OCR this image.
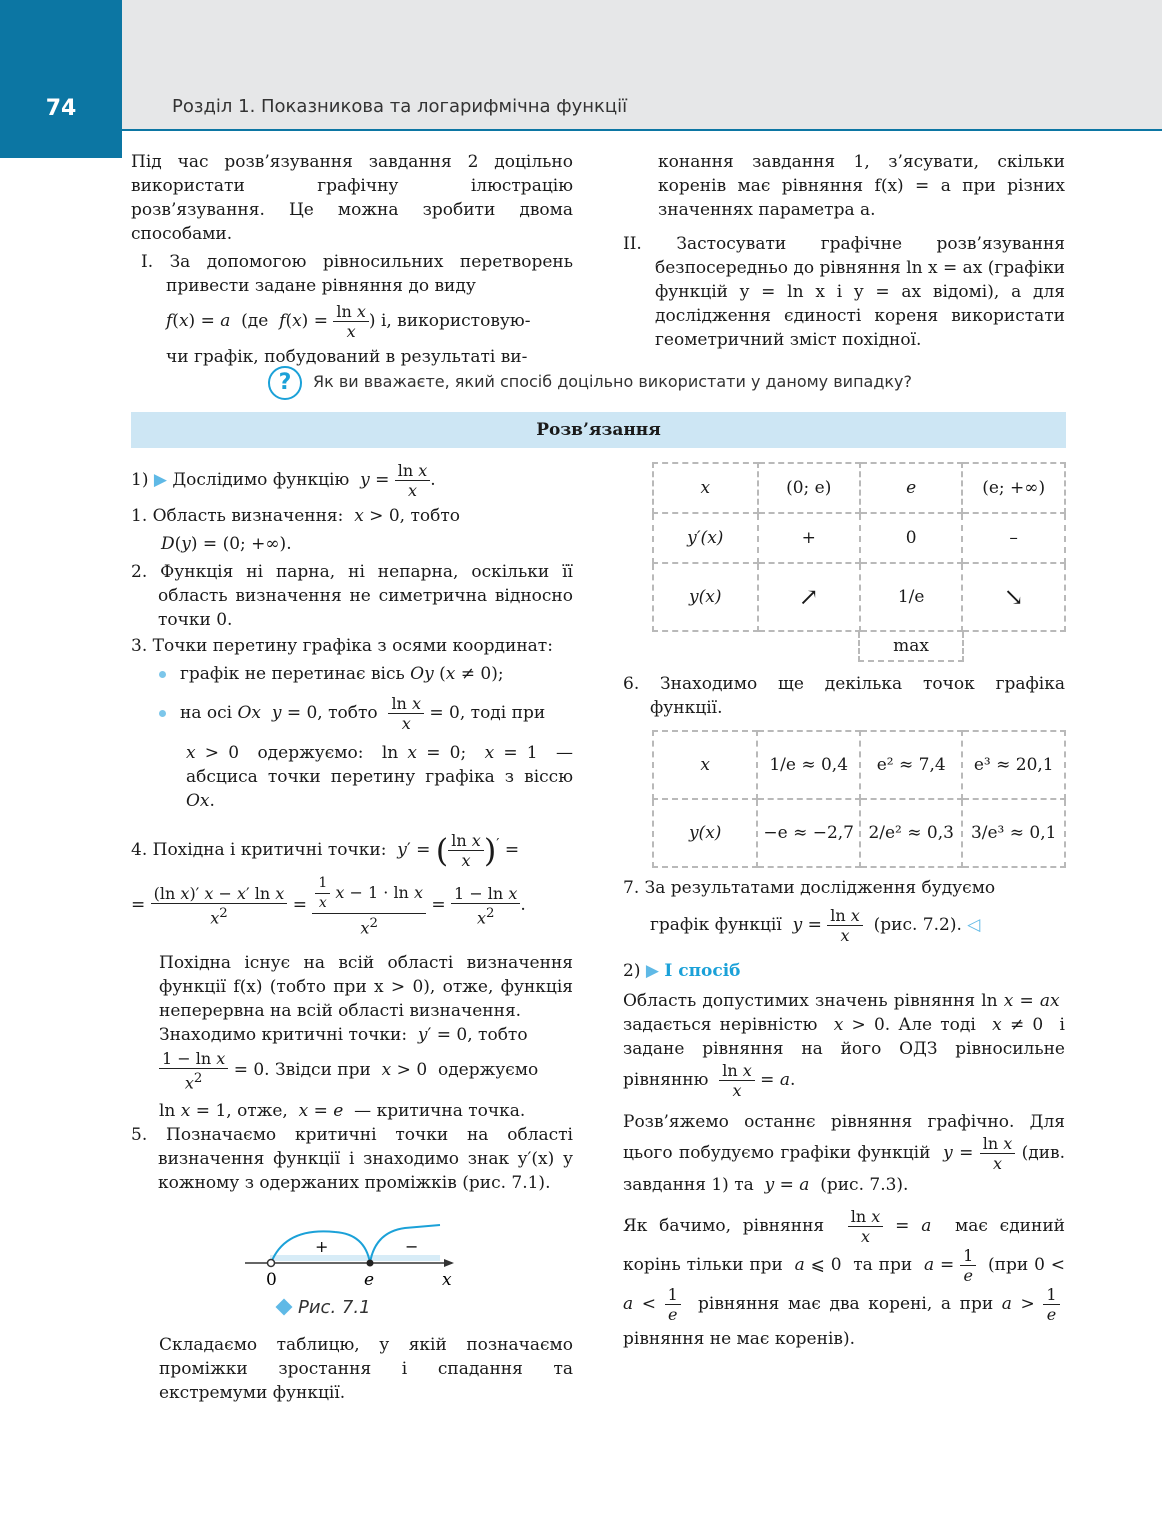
74	Розділ 1. Показникова та логарифмічна функції

Під час розв’язування завдання 2 доцільно використати графічну ілюстрацію розв’язування. Це можна зробити двома способами.

I. За допомогою рівносильних перетворень привести задане рівняння до виду

f(x) = a  (де  $f(x) = \frac{\text{ln x}}{x}$ ) і, використовую-

чи графік, побудований в результаті ви-

конання завдання 1, з’ясувати, скільки коренів має рівняння f(x) = a при різних значеннях параметра a.

II. Застосувати графічне розв’язування безпосередньо до рівняння ln x = ax (графіки функцій y = ln x і y = ax відомі), а для дослідження єдиності кореня використати геометричний зміст похідної.

?	Як ви вважаєте, який спосіб доцільно використати у даному випадку?
Розв’язання

1) ▶ Дослідимо функцію $y = \frac{\text{ln x}}{x}$ .

1. Область визначення: x > 0, тобто

D(y) = (0; +∞).

2. Функція ні парна, ні непарна, оскільки її область визначення не симетрична відносно точки 0.

3. Точки перетину графіка з осями координат:

графік не перетинає вісь Oy (x ≠ 0);

на осі Ox y = 0, тобто $\frac{\text{ln x}}{x} = 0$, тоді при

x > 0  одержуємо:  ln x = 0;  x = 1  — абсциса точки перетину графіка з віссю Ox.

4. Похідна і критичні точки: y′ = ( $\frac{\text{ln x}}{x} )'$ =

= $\frac{\text{(ln x)′ x − x′ ln x}}{x^2} = \frac{\frac{1}{x} x - 1 \cdot \ln x}{x^2} = \frac{\text{1 − ln x}}{x^2}$ .

Похідна існує на всій області визначення функції f(x) (тобто при x > 0), отже, функція неперервна на всій області визначення.

Знаходимо критичні точки: y′ = 0, тобто

$\frac{\text{1 − ln x}}{x^2} = 0$. Звідси при x > 0  одержуємо

ln x = 1, отже, x = e — критична точка.

5. Позначаємо критичні точки на області визначення функції і знаходимо знак y′(x) у кожному з одержаних проміжків (рис. 7.1).

0	e	x
+	−
Рис. 7.1
Складаємо таблицю, у якій позначаємо проміжки зростання і спадання та екстремуми функції.
x	(0; e)	e	(e; +∞)
y′(x)	+	0	–
y(x)	↗	1/e	↘
max

6. Знаходимо ще декілька точок графіка функції.

x	1/e ≈ 0,4	e² ≈ 7,4	e³ ≈ 20,1
y(x)	−e ≈ −2,7	2/e² ≈ 0,3	3/e³ ≈ 0,1

7. За результатами дослідження будуємо

графік функції $y = \frac{\text{ln x}}{x} (рис$. 7.2). ◁

2) ▶ I спосіб

Область допустимих значень рівняння ln x = ax  задається нерівністю x > 0. Але тоді x ≠ 0  і задане рівняння на його ОДЗ рівносильне рівнянню $\frac{\text{ln x}}{x} = a$.

Розв’яжемо останнє рівняння графічно. Для цього побудуємо графіки функцій $y = \frac{\text{ln x}}{x} (див$. завдання 1) та y = a (рис. 7.3).

Як бачимо, рівняння $\frac{\text{ln x}}{x} = a$ має єдиний корінь тільки при a ⩽ 0  та при $a = \frac{1}{e} (при$ $0 < a < \frac{1}{e}$ рівняння має два корені, а при $a > \frac{1}{e}$
рівняння не має коренів).
